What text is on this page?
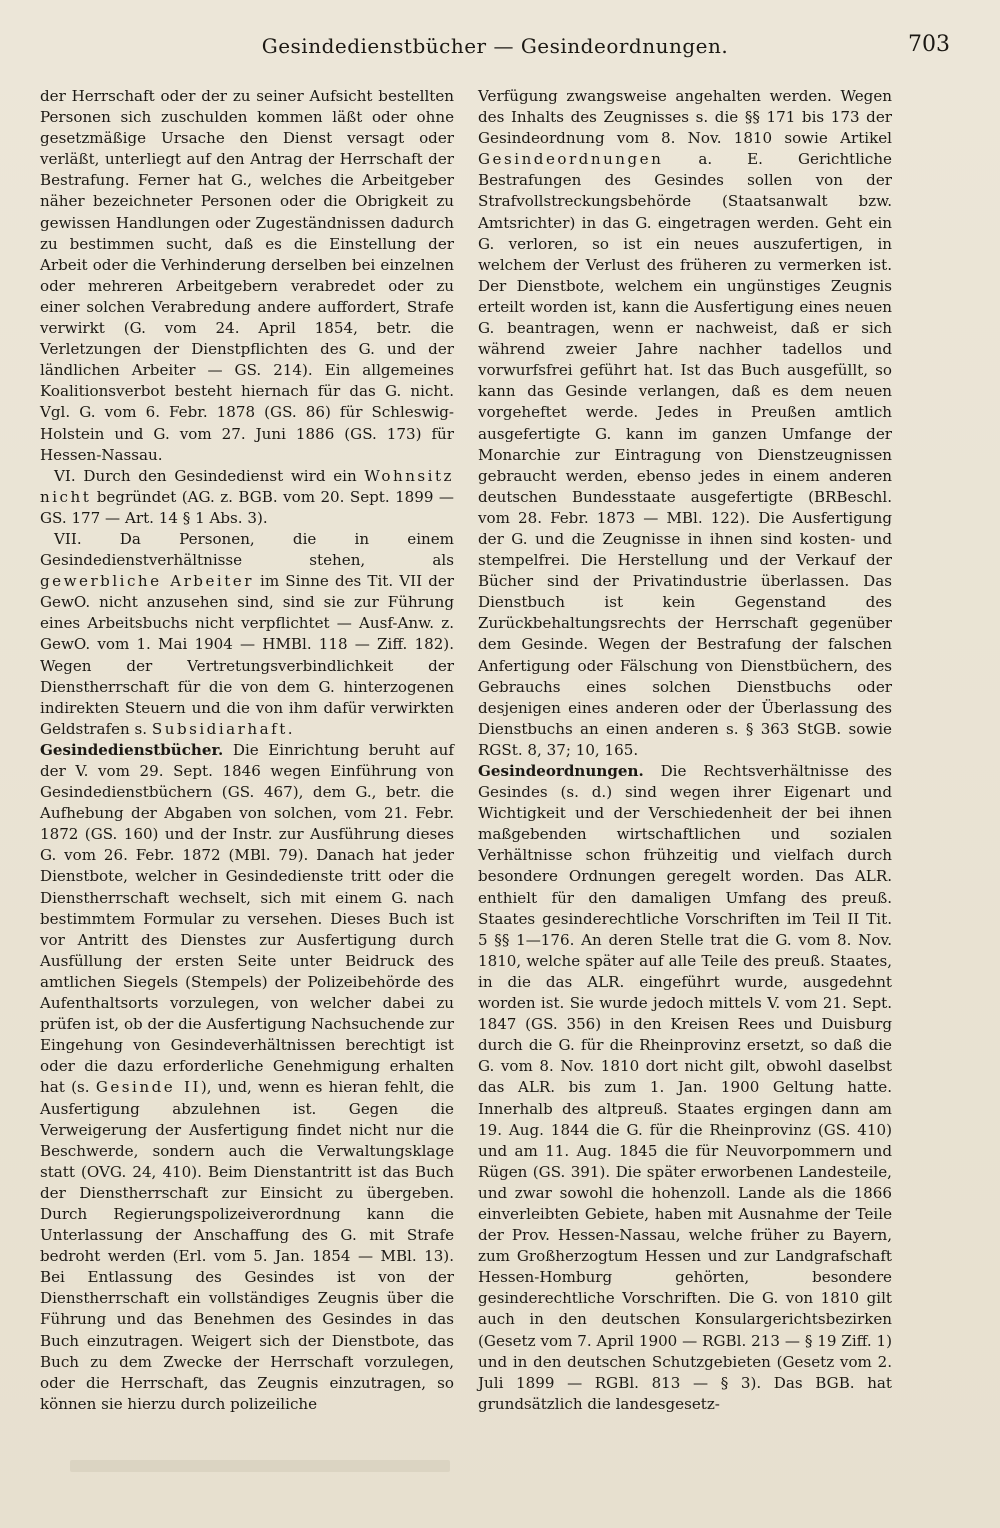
Gesindedienstbücher — Gesindeordnungen.	703

der Herrschaft oder der zu seiner Aufsicht bestellten Personen sich zuschulden kommen läßt oder ohne gesetzmäßige Ursache den Dienst versagt oder verläßt, unterliegt auf den Antrag der Herrschaft der Bestrafung. Ferner hat G., welches die Arbeitgeber näher bezeichneter Personen oder die Obrigkeit zu gewissen Handlungen oder Zugeständnissen dadurch zu bestimmen sucht, daß es die Einstellung der Arbeit oder die Verhinderung derselben bei einzelnen oder mehreren Arbeitgebern verabredet oder zu einer solchen Verabredung andere auffordert, Strafe verwirkt (G. vom 24. April 1854, betr. die Verletzungen der Dienstpflichten des G. und der ländlichen Arbeiter — GS. 214). Ein allgemeines Koalitionsverbot besteht hiernach für das G. nicht. Vgl. G. vom 6. Febr. 1878 (GS. 86) für Schleswig-Holstein und G. vom 27. Juni 1886 (GS. 173) für Hessen-Nassau.

VI. Durch den Gesindedienst wird ein Wohnsitz nicht begründet (AG. z. BGB. vom 20. Sept. 1899 — GS. 177 — Art. 14 § 1 Abs. 3).

VII. Da Personen, die in einem Gesindedienstverhältnisse stehen, als gewerbliche Arbeiter im Sinne des Tit. VII der GewO. nicht anzusehen sind, sind sie zur Führung eines Arbeitsbuchs nicht verpflichtet — Ausf-Anw. z. GewO. vom 1. Mai 1904 — HMBl. 118 — Ziff. 182). Wegen der Vertretungsverbindlichkeit der Dienstherrschaft für die von dem G. hinterzogenen indirekten Steuern und die von ihm dafür verwirkten Geldstrafen s. Subsidiarhaft.

Gesindedienstbücher. Die Einrichtung beruht auf der V. vom 29. Sept. 1846 wegen Einführung von Gesindedienstbüchern (GS. 467), dem G., betr. die Aufhebung der Abgaben von solchen, vom 21. Febr. 1872 (GS. 160) und der Instr. zur Ausführung dieses G. vom 26. Febr. 1872 (MBl. 79). Danach hat jeder Dienstbote, welcher in Gesindedienste tritt oder die Dienstherrschaft wechselt, sich mit einem G. nach bestimmtem Formular zu versehen. Dieses Buch ist vor Antritt des Dienstes zur Ausfertigung durch Ausfüllung der ersten Seite unter Beidruck des amtlichen Siegels (Stempels) der Polizeibehörde des Aufenthaltsorts vorzulegen, von welcher dabei zu prüfen ist, ob der die Ausfertigung Nachsuchende zur Eingehung von Gesindeverhältnissen berechtigt ist oder die dazu erforderliche Genehmigung erhalten hat (s. Gesinde II), und, wenn es hieran fehlt, die Ausfertigung abzulehnen ist. Gegen die Verweigerung der Ausfertigung findet nicht nur die Beschwerde, sondern auch die Verwaltungsklage statt (OVG. 24, 410). Beim Dienstantritt ist das Buch der Dienstherrschaft zur Einsicht zu übergeben. Durch Regierungspolizeiverordnung kann die Unterlassung der Anschaffung des G. mit Strafe bedroht werden (Erl. vom 5. Jan. 1854 — MBl. 13). Bei Entlassung des Gesindes ist von der Dienstherrschaft ein vollständiges Zeugnis über die Führung und das Benehmen des Gesindes in das Buch einzutragen. Weigert sich der Dienstbote, das Buch zu dem Zwecke der Herrschaft vorzulegen, oder die Herrschaft, das Zeugnis einzutragen, so können sie hierzu durch polizeiliche

Verfügung zwangsweise angehalten werden. Wegen des Inhalts des Zeugnisses s. die §§ 171 bis 173 der Gesindeordnung vom 8. Nov. 1810 sowie Artikel Gesindeordnungen a. E. Gerichtliche Bestrafungen des Gesindes sollen von der Strafvollstreckungsbehörde (Staatsanwalt bzw. Amtsrichter) in das G. eingetragen werden. Geht ein G. verloren, so ist ein neues auszufertigen, in welchem der Verlust des früheren zu vermerken ist. Der Dienstbote, welchem ein ungünstiges Zeugnis erteilt worden ist, kann die Ausfertigung eines neuen G. beantragen, wenn er nachweist, daß er sich während zweier Jahre nachher tadellos und vorwurfsfrei geführt hat. Ist das Buch ausgefüllt, so kann das Gesinde verlangen, daß es dem neuen vorgeheftet werde. Jedes in Preußen amtlich ausgefertigte G. kann im ganzen Umfange der Monarchie zur Eintragung von Dienstzeugnissen gebraucht werden, ebenso jedes in einem anderen deutschen Bundesstaate ausgefertigte (BRBeschl. vom 28. Febr. 1873 — MBl. 122). Die Ausfertigung der G. und die Zeugnisse in ihnen sind kosten- und stempelfrei. Die Herstellung und der Verkauf der Bücher sind der Privatindustrie überlassen. Das Dienstbuch ist kein Gegenstand des Zurückbehaltungsrechts der Herrschaft gegenüber dem Gesinde. Wegen der Bestrafung der falschen Anfertigung oder Fälschung von Dienstbüchern, des Gebrauchs eines solchen Dienstbuchs oder desjenigen eines anderen oder der Überlassung des Dienstbuchs an einen anderen s. § 363 StGB. sowie RGSt. 8, 37; 10, 165.

Gesindeordnungen. Die Rechtsverhältnisse des Gesindes (s. d.) sind wegen ihrer Eigenart und Wichtigkeit und der Verschiedenheit der bei ihnen maßgebenden wirtschaftlichen und sozialen Verhältnisse schon frühzeitig und vielfach durch besondere Ordnungen geregelt worden. Das ALR. enthielt für den damaligen Umfang des preuß. Staates gesinderechtliche Vorschriften im Teil II Tit. 5 §§ 1—176. An deren Stelle trat die G. vom 8. Nov. 1810, welche später auf alle Teile des preuß. Staates, in die das ALR. eingeführt wurde, ausgedehnt worden ist. Sie wurde jedoch mittels V. vom 21. Sept. 1847 (GS. 356) in den Kreisen Rees und Duisburg durch die G. für die Rheinprovinz ersetzt, so daß die G. vom 8. Nov. 1810 dort nicht gilt, obwohl daselbst das ALR. bis zum 1. Jan. 1900 Geltung hatte. Innerhalb des altpreuß. Staates ergingen dann am 19. Aug. 1844 die G. für die Rheinprovinz (GS. 410) und am 11. Aug. 1845 die für Neuvorpommern und Rügen (GS. 391). Die später erworbenen Landesteile, und zwar sowohl die hohenzoll. Lande als die 1866 einverleibten Gebiete, haben mit Ausnahme der Teile der Prov. Hessen-Nassau, welche früher zu Bayern, zum Großherzogtum Hessen und zur Landgrafschaft Hessen-Homburg gehörten, besondere gesinderechtliche Vorschriften. Die G. von 1810 gilt auch in den deutschen Konsulargerichtsbezirken (Gesetz vom 7. April 1900 — RGBl. 213 — § 19 Ziff. 1) und in den deutschen Schutzgebieten (Gesetz vom 2. Juli 1899 — RGBl. 813 — § 3). Das BGB. hat grundsätzlich die landesgesetz-
